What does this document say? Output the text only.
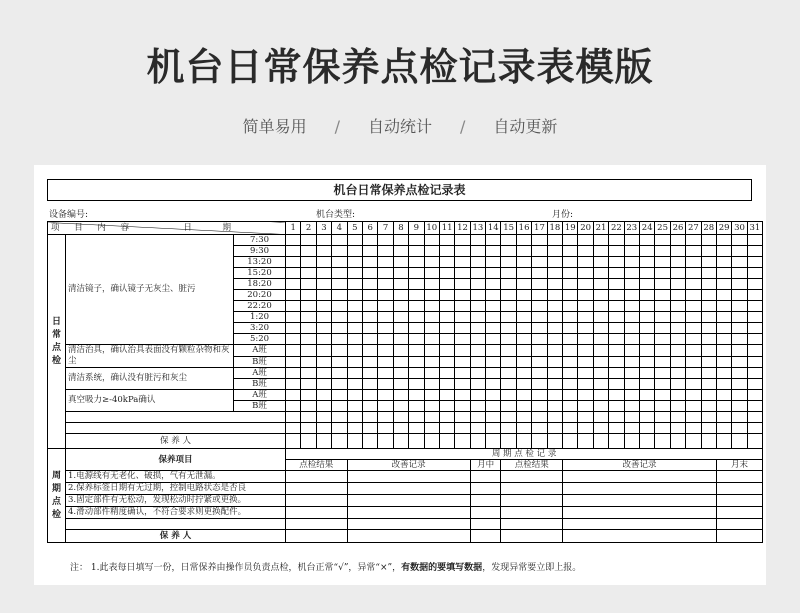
机台日常保养点检记录表模版
简单易用 / 自动统计 / 自动更新
机台日常保养点检记录表
设备编号:	机台类型:	月份:
项 目 内 容 日 期			1	2	3	4	5	6	7	8	9	10	11	12	13	14	15	16	17	18	19	20	21	22	23	24	25	26	27	28	29	30	31
日常点检	清洁镜子，确认镜子无灰尘、脏污	7:30																															
		9:30																															
		13:20																															
		15:20																															
		18:20																															
		20:20																															
		22:20																															
		1:20																															
		3:20																															
		5:20																															
	清洁治具，确认治具表面没有颗粒杂物和灰尘	A班																															
		B班																															
	清洁系统，确认没有脏污和灰尘	A班																															
		B班																															
	真空吸力≥-40kPa确认	A班																															
		B班																															

	保 养 人																																
周期点检	保养项目		周 期 点 检 记 录																														
			点检结果				改善记录								月中		点检结果				改善记录										月末		
	1.电源线有无老化、破损，气有无泄漏。																																
	2.保养标签日期有无过期，控制电路状态是否良																																
	3.固定部件有无松动，发现松动时拧紧或更换。																																
	4.滑动部件精度确认，不符合要求则更换配件。																																

	保 养 人																																
注： 1.此表每日填写一份，日常保养由操作员负责点检，机台正常“√”，异常“×”，有数据的要填写数据，发现异常要立即上报。
